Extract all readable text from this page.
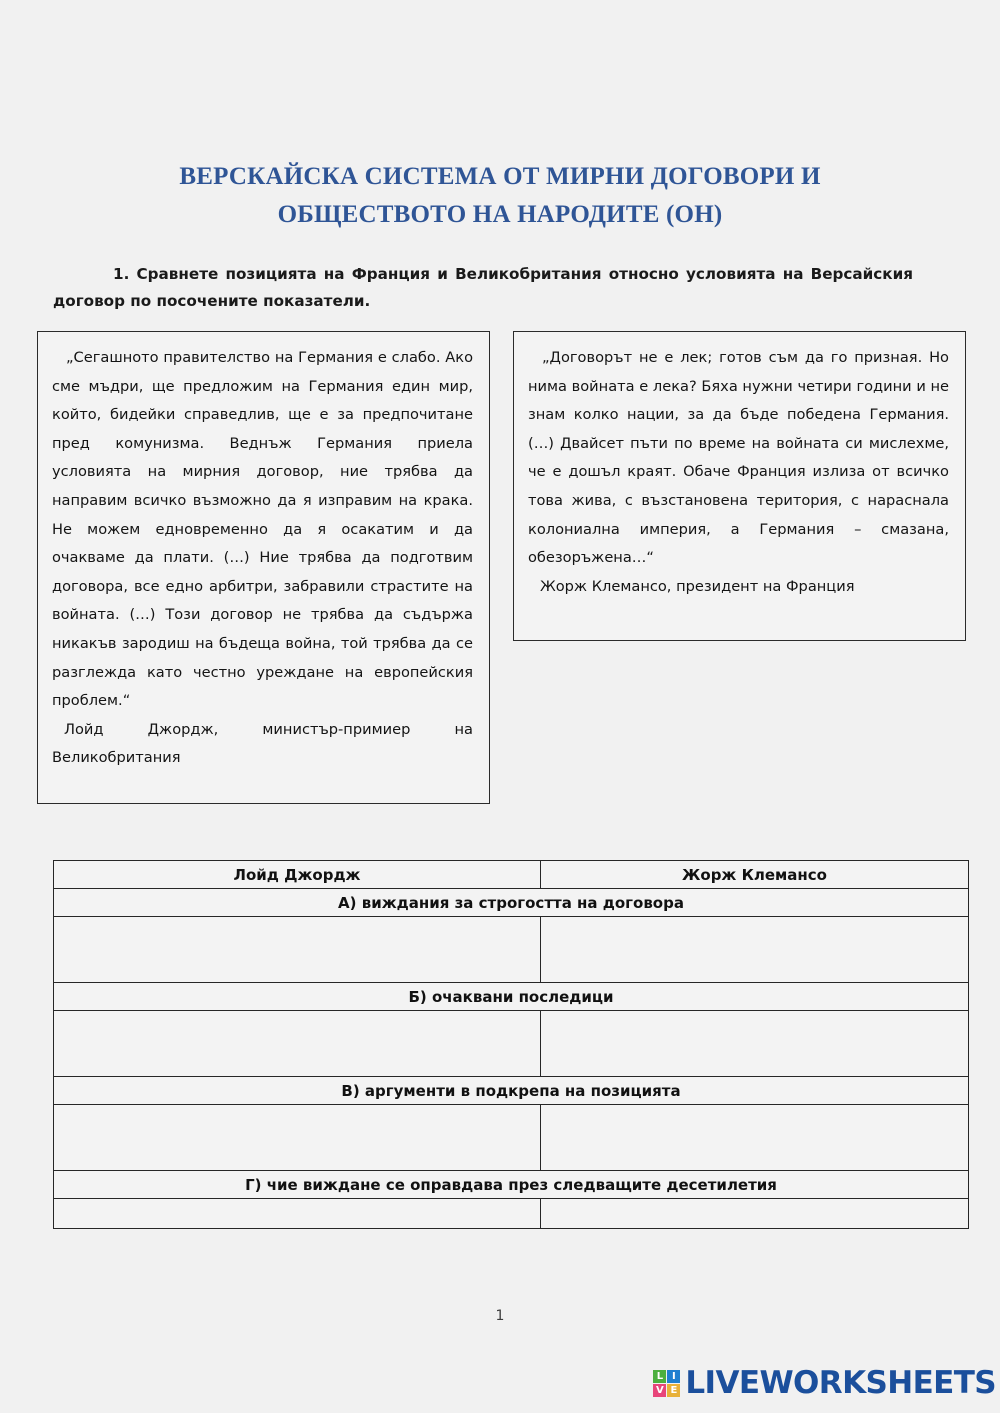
ВЕРСКАЙСКА СИСТЕМА ОТ МИРНИ ДОГОВОРИ И
ОБЩЕСТВОТО НА НАРОДИТЕ (ОН)
1. Сравнете позицията на Франция и Великобритания относно условията на Версайския договор по посочените показатели.

„Сегашното правителство на Германия е слабо. Ако сме мъдри, ще предложим на Германия един мир, който, бидейки справедлив, ще е за предпочитане пред комунизма. Веднъж Германия приела условията на мирния договор, ние трябва да направим всичко възможно да я изправим на крака. Не можем едновременно да я осакатим и да очакваме да плати. (…) Ние трябва да подготвим договора, все едно арбитри, забравили страстите на войната. (…) Този договор не трябва да съдържа никакъв зародиш на бъдеща война, той трябва да се разглежда като честно уреждане на европейския проблем.“

Лойд Джордж, министър-примиер на Великобритания

„Договорът не е лек; готов съм да го призная. Но нима войната е лека? Бяха нужни четири години и не знам колко нации, за да бъде победена Германия. (…) Двайсет пъти по време на войната си мислехме, че е дошъл краят. Обаче Франция излиза от всичко това жива, с възстановена територия, с нараснала колониална империя, а Германия – смазана, обезоръжена…“

Жорж Клемансо, президент на Франция

Лойд Джордж	Жорж Клемансо
А) виждания за строгостта на договора	

Б) очаквани последици	

В) аргументи в подкрепа на позицията	

Г) чие виждане се оправдава през следващите десетилетия	

1
L I
V E LIVEWORKSHEETS
